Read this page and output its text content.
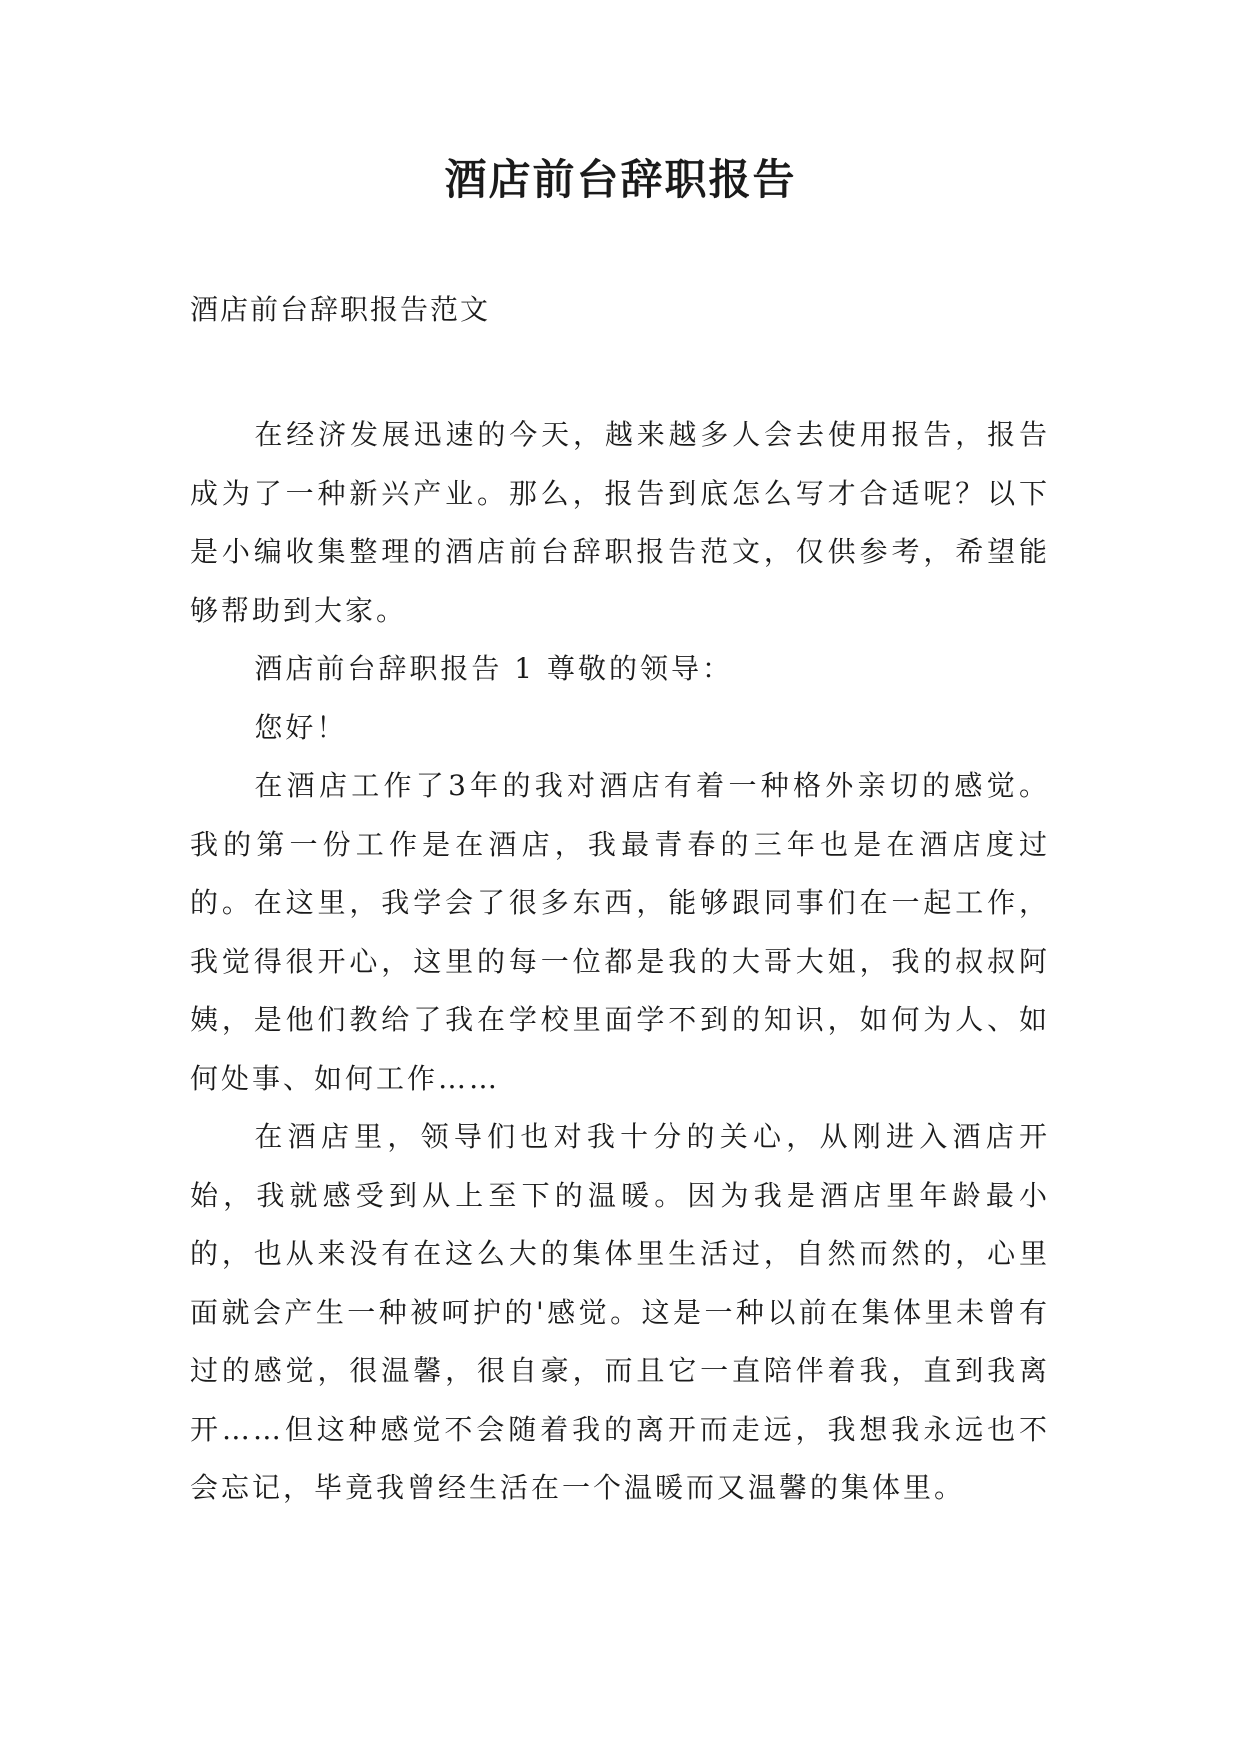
酒店前台辞职报告
酒店前台辞职报告范文

在经济发展迅速的今天，越来越多人会去使用报告，报告成为了一种新兴产业。那么，报告到底怎么写才合适呢？以下是小编收集整理的酒店前台辞职报告范文，仅供参考，希望能够帮助到大家。

酒店前台辞职报告 1 尊敬的领导：

您好！

在酒店工作了3年的我对酒店有着一种格外亲切的感觉。我的第一份工作是在酒店，我最青春的三年也是在酒店度过的。在这里，我学会了很多东西，能够跟同事们在一起工作，我觉得很开心，这里的每一位都是我的大哥大姐，我的叔叔阿姨，是他们教给了我在学校里面学不到的知识，如何为人、如何处事、如何工作……

在酒店里，领导们也对我十分的关心，从刚进入酒店开始，我就感受到从上至下的温暖。因为我是酒店里年龄最小的，也从来没有在这么大的集体里生活过，自然而然的，心里面就会产生一种被呵护的'感觉。这是一种以前在集体里未曾有过的感觉，很温馨，很自豪，而且它一直陪伴着我，直到我离开……但这种感觉不会随着我的离开而走远，我想我永远也不会忘记，毕竟我曾经生活在一个温暖而又温馨的集体里。
